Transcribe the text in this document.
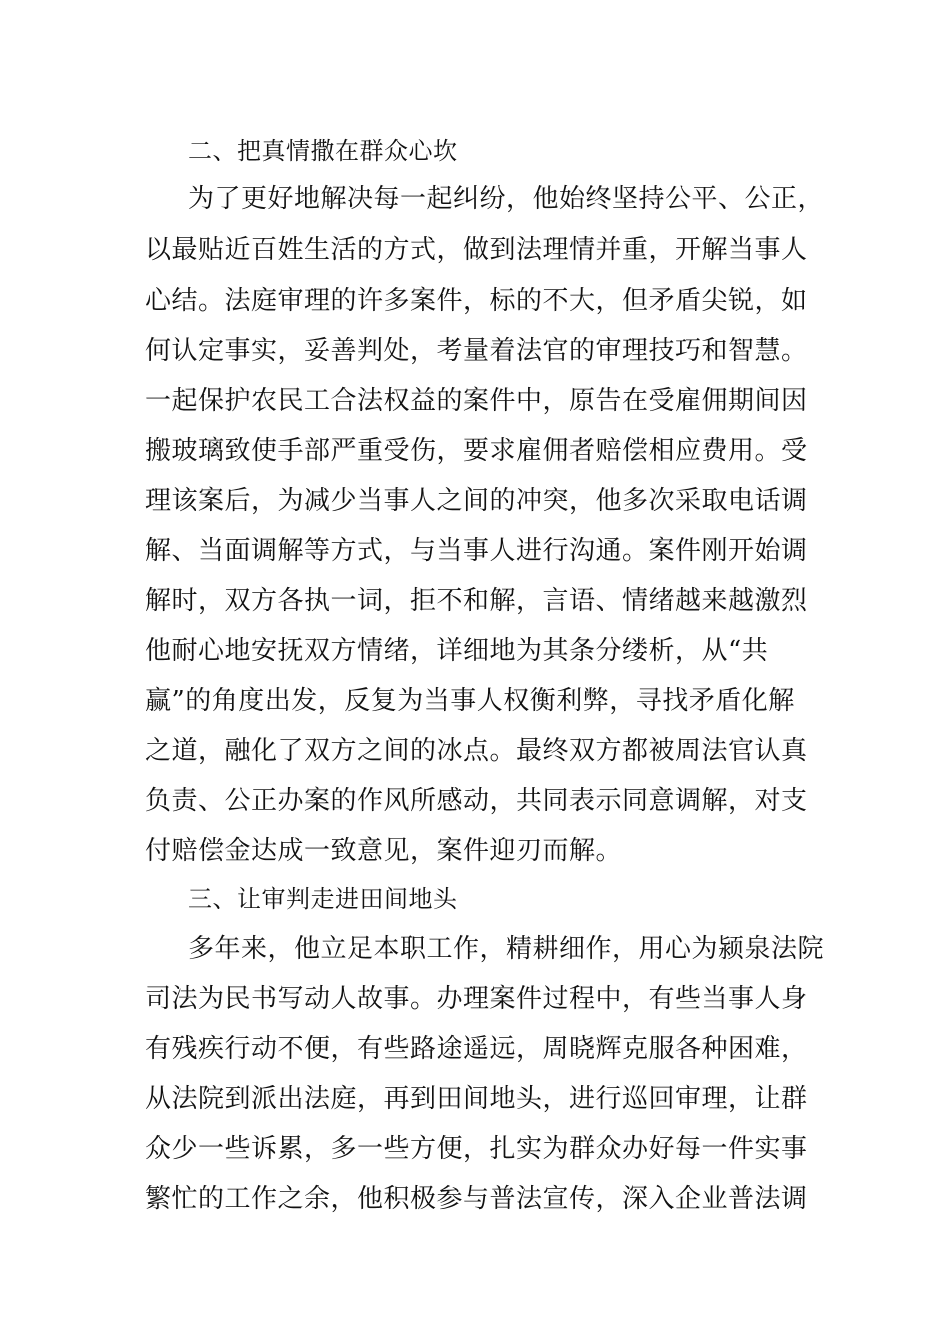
二、把真情撒在群众心坎
为了更好地解决每一起纠纷，他始终坚持公平、公正，
以最贴近百姓生活的方式，做到法理情并重，开解当事人
心结。法庭审理的许多案件，标的不大，但矛盾尖锐，如
何认定事实，妥善判处，考量着法官的审理技巧和智慧。
一起保护农民工合法权益的案件中，原告在受雇佣期间因
搬玻璃致使手部严重受伤，要求雇佣者赔偿相应费用。受
理该案后，为减少当事人之间的冲突，他多次采取电话调
解、当面调解等方式，与当事人进行沟通。案件刚开始调
解时，双方各执一词，拒不和解，言语、情绪越来越激烈
他耐心地安抚双方情绪，详细地为其条分缕析，从“共
赢”的角度出发，反复为当事人权衡利弊，寻找矛盾化解
之道，融化了双方之间的冰点。最终双方都被周法官认真
负责、公正办案的作风所感动，共同表示同意调解，对支
付赔偿金达成一致意见，案件迎刃而解。
三、让审判走进田间地头
多年来，他立足本职工作，精耕细作，用心为颍泉法院
司法为民书写动人故事。办理案件过程中，有些当事人身
有残疾行动不便，有些路途遥远，周晓辉克服各种困难，
从法院到派出法庭，再到田间地头，进行巡回审理，让群
众少一些诉累，多一些方便，扎实为群众办好每一件实事
繁忙的工作之余，他积极参与普法宣传，深入企业普法调
